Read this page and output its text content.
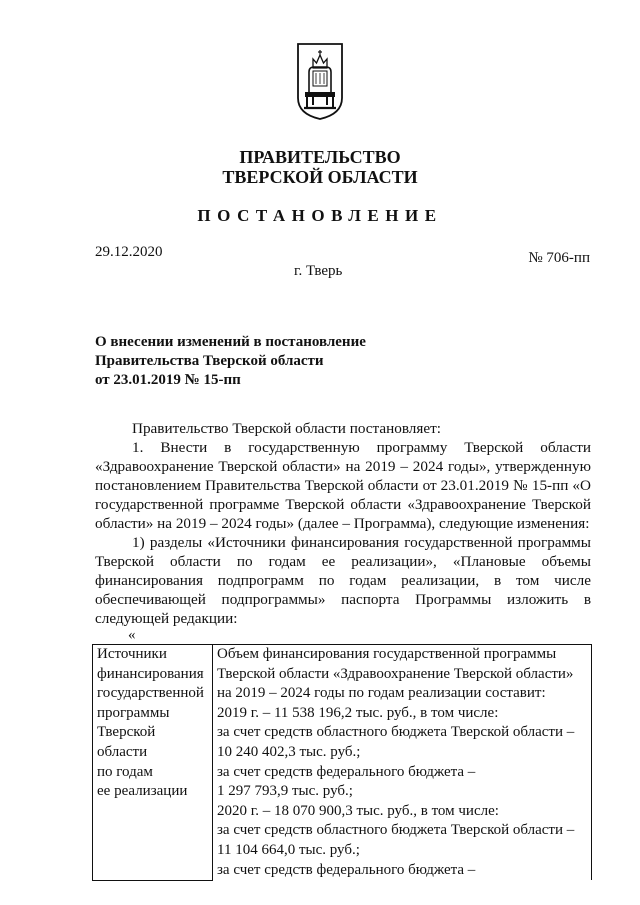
ПРАВИТЕЛЬСТВО
ТВЕРСКОЙ ОБЛАСТИ
ПОСТАНОВЛЕНИЕ
29.12.2020	№ 706-пп
г. Тверь
О внесении изменений в постановление
Правительства Тверской области
от 23.01.2019 № 15-пп

Правительство Тверской области постановляет:

1. Внести в государственную программу Тверской области «Здравоохранение Тверской области» на 2019 – 2024 годы», утвержденную постановлением Правительства Тверской области от 23.01.2019 № 15-пп «О государственной программе Тверской области «Здравоохранение Тверской области» на 2019 – 2024 годы» (далее – Программа), следующие изменения:

1) разделы «Источники финансирования государственной программы Тверской области по годам ее реализации», «Плановые объемы финансирования подпрограмм по годам реализации, в том числе обеспечивающей подпрограммы» паспорта Программы изложить в следующей редакции:

«
Источники
финансирования
государственной
программы
Тверской
области
по годам
ее реализации

Объем финансирования государственной программы
Тверской области «Здравоохранение Тверской области»
на 2019 – 2024 годы по годам реализации составит:
2019 г. – 11 538 196,2 тыс. руб., в том числе:
за счет средств областного бюджета Тверской области –
10 240 402,3 тыс. руб.;
за счет средств федерального бюджета –
1 297 793,9 тыс. руб.;
2020 г. – 18 070 900,3 тыс. руб., в том числе:
за счет средств областного бюджета Тверской области –
11 104 664,0 тыс. руб.;
за счет средств федерального бюджета –
